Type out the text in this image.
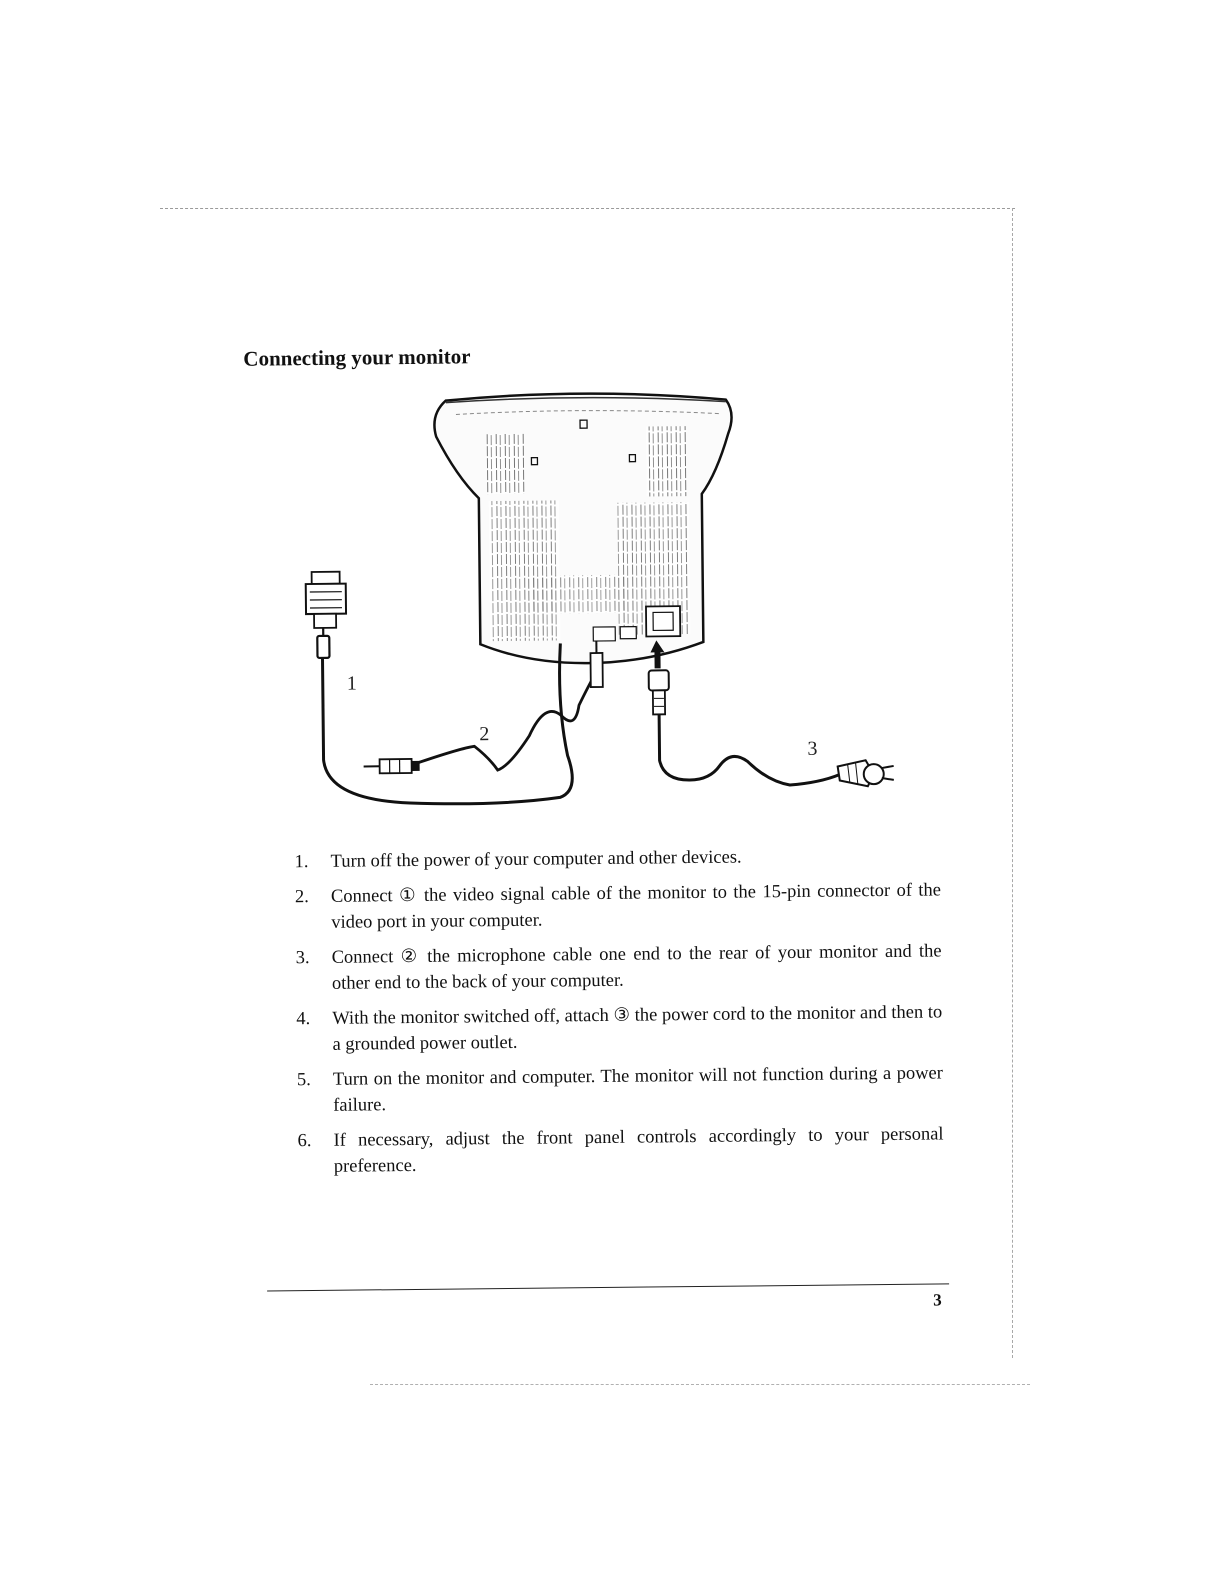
Connecting your monitor
1
2
3
1. Turn off the power of your computer and other devices.
2. Connect ① the video signal cable of the monitor to the 15-pin connector of the video port in your computer.
3. Connect ② the microphone cable one end to the rear of your monitor and the other end to the back of your computer.
4. With the monitor switched off, attach ③ the power cord to the monitor and then to a grounded power outlet.
5. Turn on the monitor and computer. The monitor will not function during a power failure.
6. If necessary, adjust the front panel controls accordingly to your personal preference.
3
